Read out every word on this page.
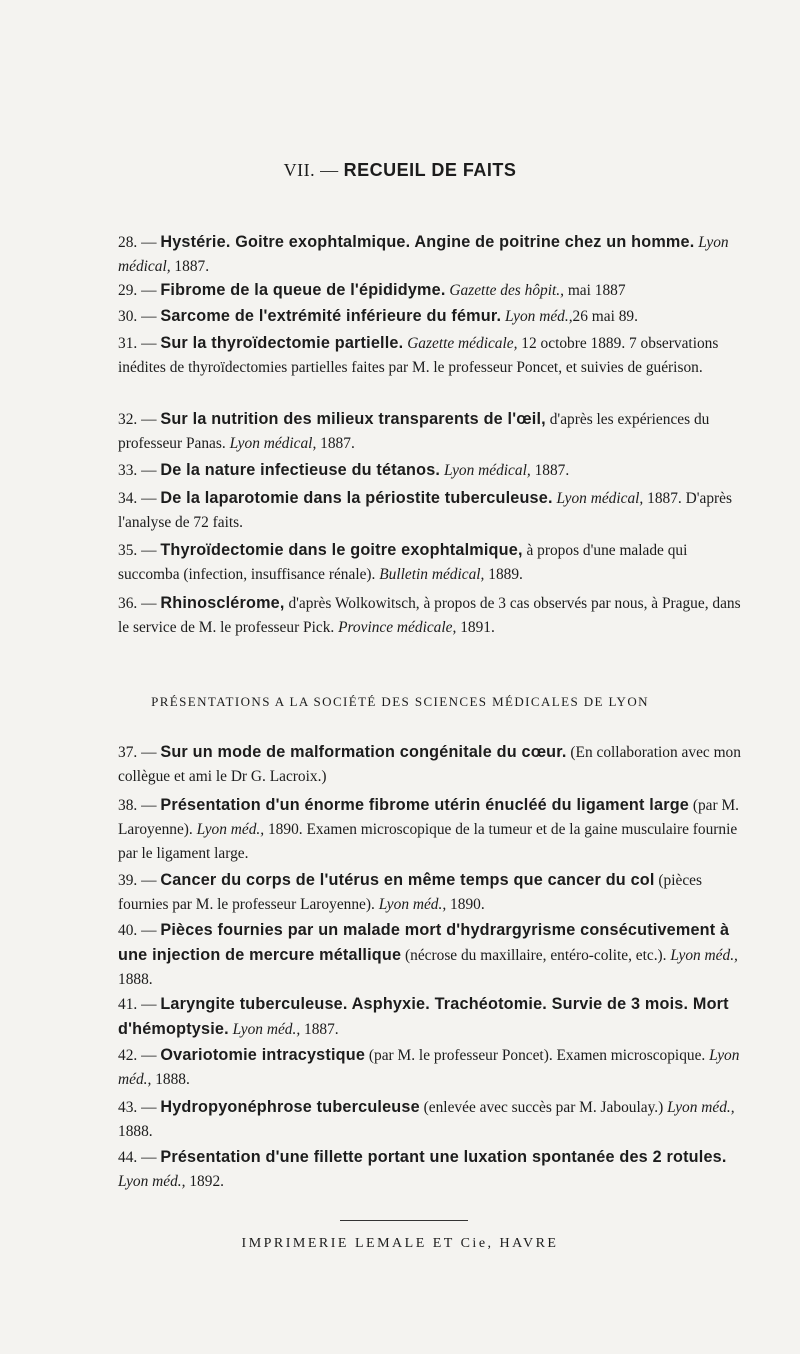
VII. — RECUEIL DE FAITS
28. — Hystérie. Goitre exophtalmique. Angine de poitrine chez un homme. Lyon médical, 1887.
29. — Fibrome de la queue de l'épididyme. Gazette des hôpit., mai 1887
30. — Sarcome de l'extrémité inférieure du fémur. Lyon méd.,26 mai 89.
31. — Sur la thyroïdectomie partielle. Gazette médicale, 12 octobre 1889. 7 observations inédites de thyroïdectomies partielles faites par M. le professeur Poncet, et suivies de guérison.
32. — Sur la nutrition des milieux transparents de l'œil, d'après les expériences du professeur Panas. Lyon médical, 1887.
33. — De la nature infectieuse du tétanos. Lyon médical, 1887.
34. — De la laparotomie dans la périostite tuberculeuse. Lyon médical, 1887. D'après l'analyse de 72 faits.
35. — Thyroïdectomie dans le goitre exophtalmique, à propos d'une malade qui succomba (infection, insuffisance rénale). Bulletin médical, 1889.
36. — Rhinosclérome, d'après Wolkowitsch, à propos de 3 cas observés par nous, à Prague, dans le service de M. le professeur Pick. Province médicale, 1891.
PRÉSENTATIONS A LA SOCIÉTÉ DES SCIENCES MÉDICALES DE LYON
37. — Sur un mode de malformation congénitale du cœur. (En collaboration avec mon collègue et ami le Dr G. Lacroix.)
38. — Présentation d'un énorme fibrome utérin énucléé du ligament large (par M. Laroyenne). Lyon méd., 1890. Examen microscopique de la tumeur et de la gaine musculaire fournie par le ligament large.
39. — Cancer du corps de l'utérus en même temps que cancer du col (pièces fournies par M. le professeur Laroyenne). Lyon méd., 1890.
40. — Pièces fournies par un malade mort d'hydrargyrisme consécutivement à une injection de mercure métallique (nécrose du maxillaire, entéro-colite, etc.). Lyon méd., 1888.
41. — Laryngite tuberculeuse. Asphyxie. Trachéotomie. Survie de 3 mois. Mort d'hémoptysie. Lyon méd., 1887.
42. — Ovariotomie intracystique (par M. le professeur Poncet). Examen microscopique. Lyon méd., 1888.
43. — Hydropyonéphrose tuberculeuse (enlevée avec succès par M. Jaboulay.) Lyon méd., 1888.
44. — Présentation d'une fillette portant une luxation spontanée des 2 rotules. Lyon méd., 1892.
IMPRIMERIE LEMALE ET Cie, HAVRE
